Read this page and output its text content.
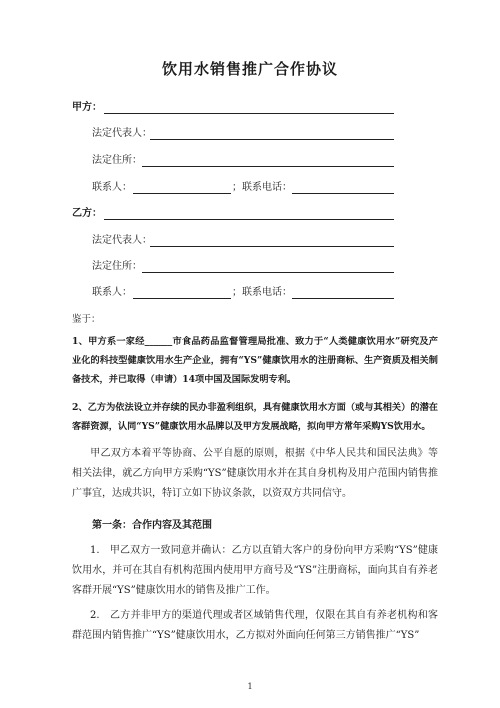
饮用水销售推广合作协议
甲方：
法定代表人：
法定住所：
联系人：	；联系电话：
乙方：
法定代表人：
法定住所：
联系人：	；联系电话：
鉴于：
1、甲方系一家经______市食品药品监督管理局批准、致力于“人类健康饮用水”研究及产业化的科技型健康饮用水生产企业，拥有“YS”健康饮用水的注册商标、生产资质及相关制备技术，并已取得（申请）14项中国及国际发明专利。
2、乙方为依法设立并存续的民办非盈利组织，具有健康饮用水方面（或与其相关）的潜在客群资源，认同“YS”健康饮用水品牌以及甲方发展战略，拟向甲方常年采购YS饮用水。
甲乙双方本着平等协商、公平自愿的原则，根据《中华人民共和国民法典》等相关法律，就乙方向甲方采购“YS”健康饮用水并在其自身机构及用户范围内销售推广事宜，达成共识，特订立如下协议条款，以资双方共同信守。
第一条：合作内容及其范围
1.　甲乙双方一致同意并确认：乙方以直销大客户的身份向甲方采购“YS”健康饮用水，并可在其自有机构范围内使用甲方商号及“YS”注册商标，面向其自有养老客群开展“YS”健康饮用水的销售及推广工作。
2.　乙方并非甲方的渠道代理或者区域销售代理，仅限在其自有养老机构和客群范围内销售推广“YS”健康饮用水，乙方拟对外面向任何第三方销售推广“YS”
1
